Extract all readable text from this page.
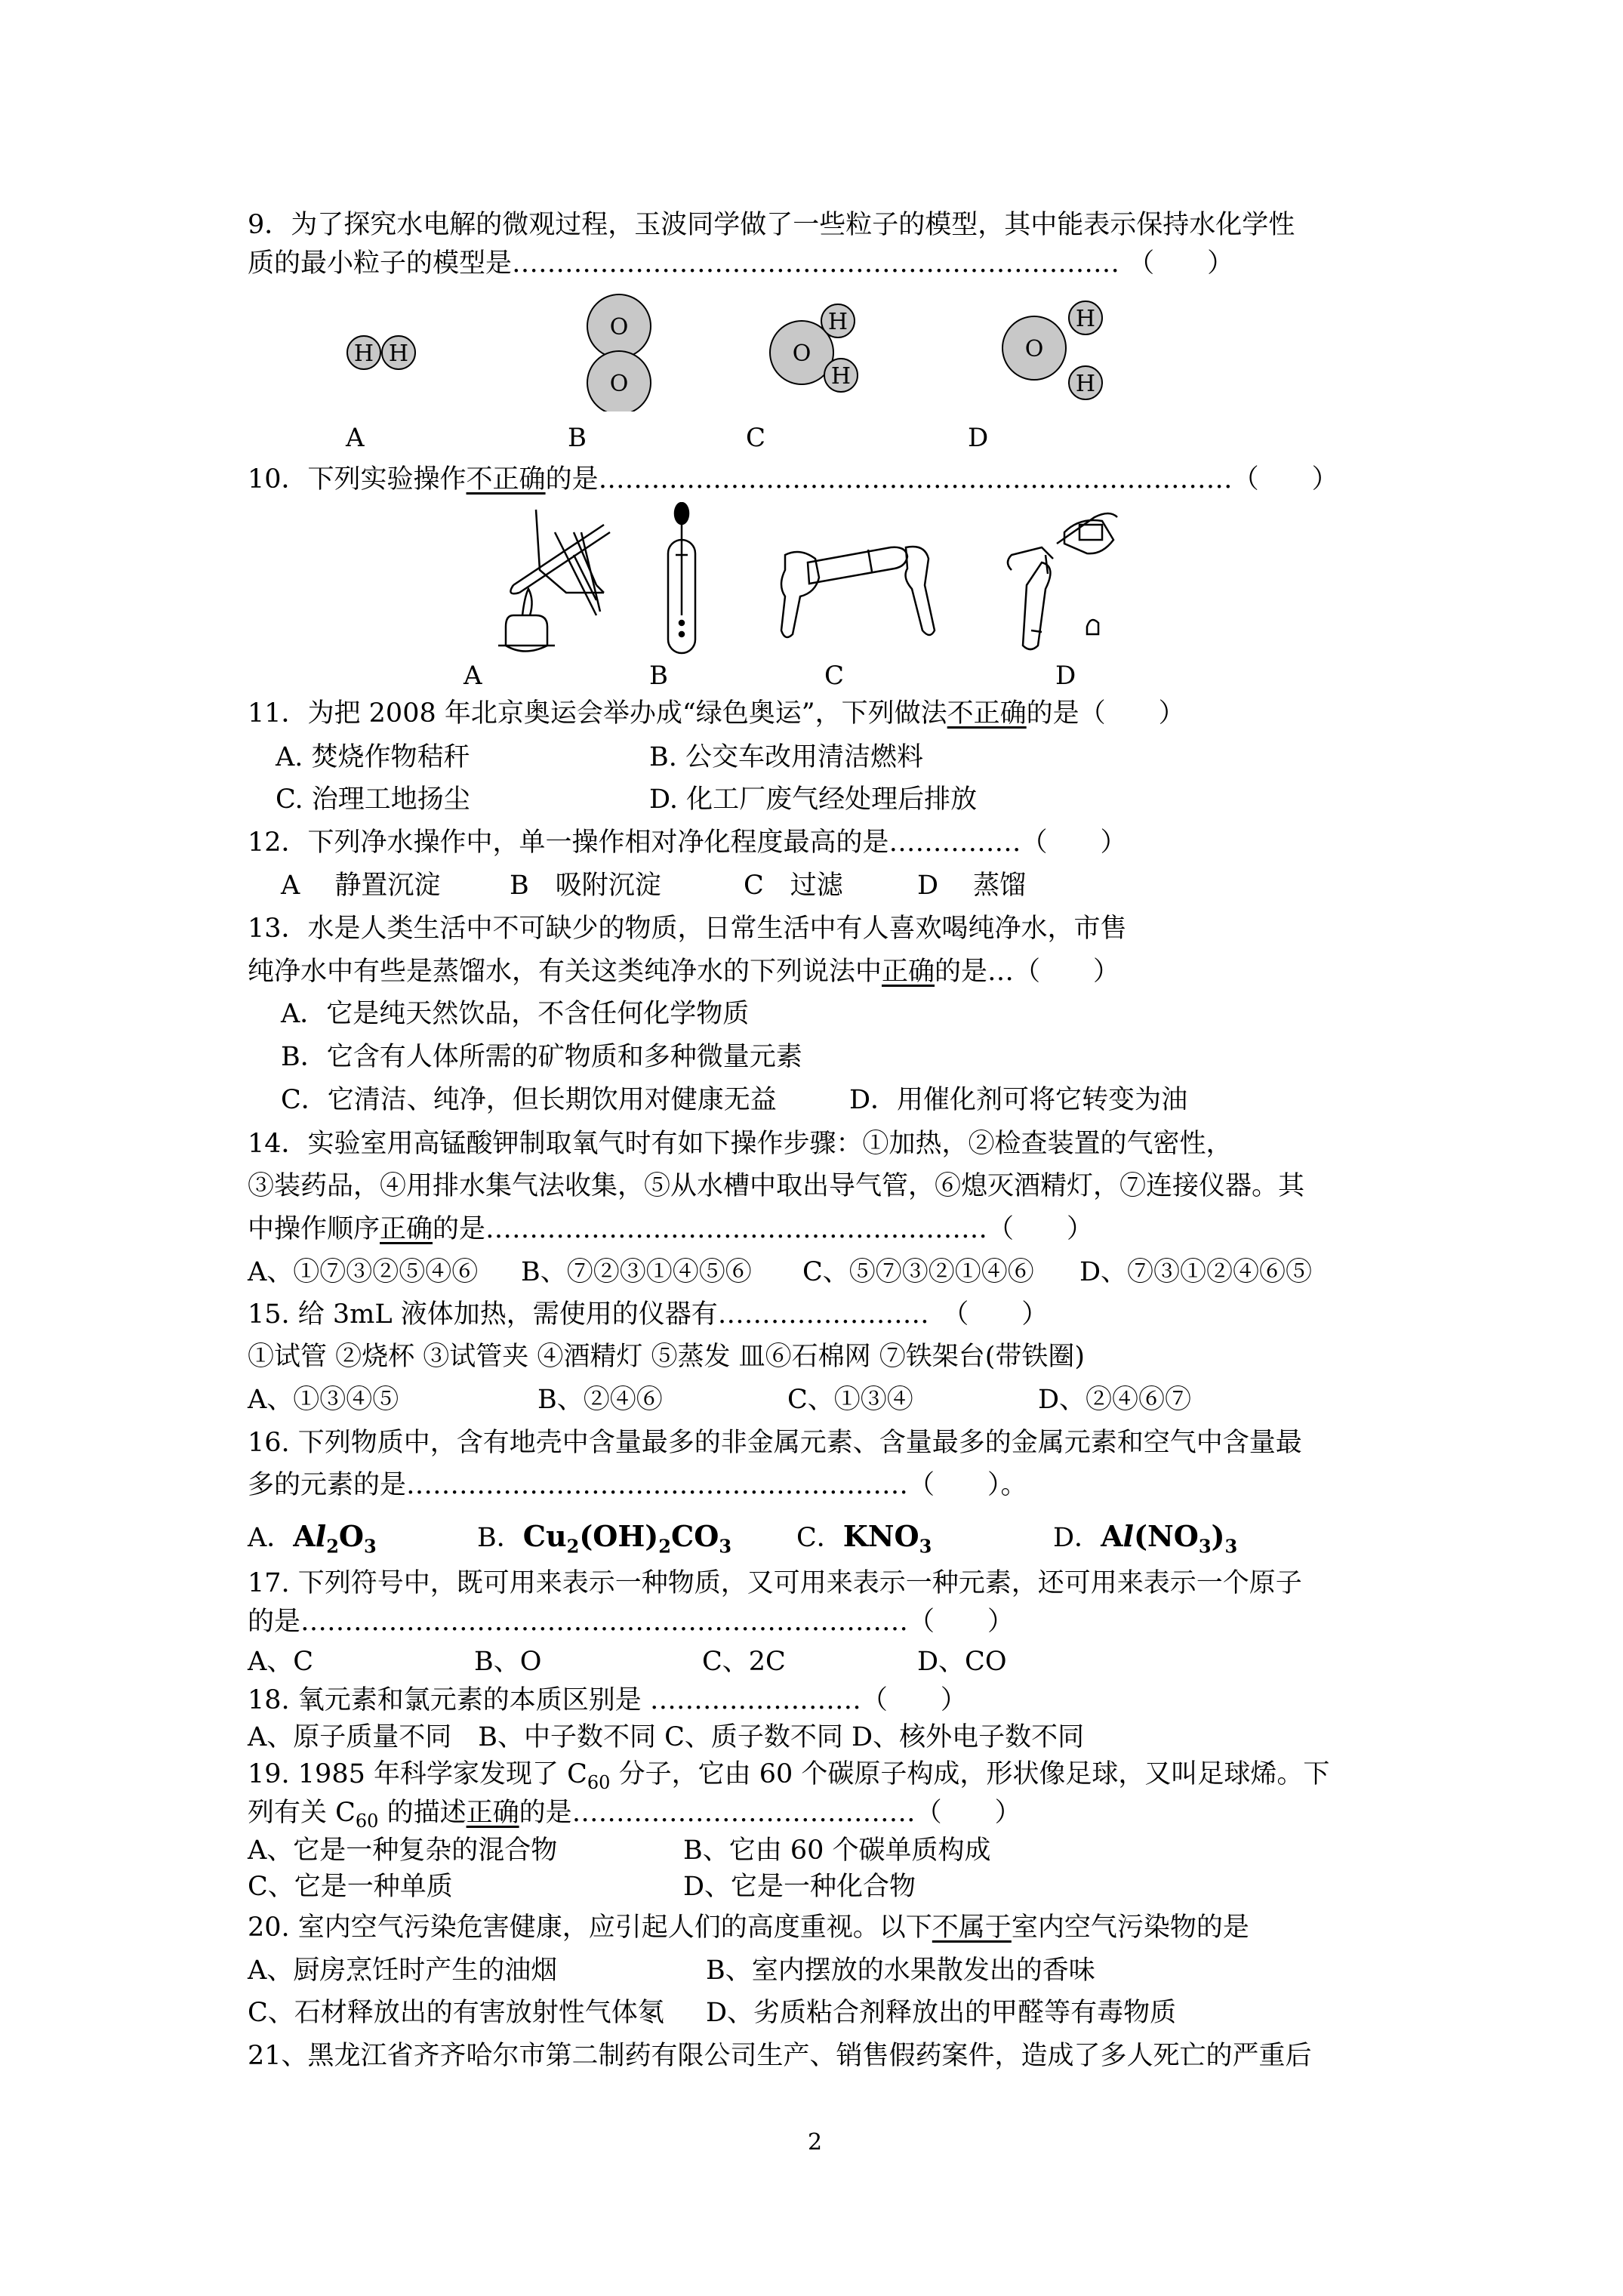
9．为了探究水电解的微观过程，玉波同学做了一些粒子的模型，其中能表示保持水化学性
质的最小粒子的模型是…………………………………………………………… （　　）
H H
O
O
O
H
H
O
H
H
A	B	C	D
10．下列实验操作不正确的是………………………………………………………………（　　）
A	B	C	D
11．为把 2008 年北京奥运会举办成“绿色奥运”，下列做法不正确的是（　　）
A. 焚烧作物秸秆	B. 公交车改用清洁燃料
C. 治理工地扬尘	D. 化工厂废气经处理后排放
12．下列净水操作中，单一操作相对净化程度最高的是……………（　　）
A　 静置沉淀	B　吸附沉淀	C　过滤	D　 蒸馏
13．水是人类生活中不可缺少的物质，日常生活中有人喜欢喝纯净水，市售
纯净水中有些是蒸馏水，有关这类纯净水的下列说法中正确的是…（　　）
A．它是纯天然饮品，不含任何化学物质
B．它含有人体所需的矿物质和多种微量元素
C．它清洁、纯净，但长期饮用对健康无益	D．用催化剂可将它转变为油
14．实验室用高锰酸钾制取氧气时有如下操作步骤：①加热，②检查装置的气密性，
③装药品，④用排水集气法收集，⑤从水槽中取出导气管，⑥熄灭酒精灯，⑦连接仪器。其
中操作顺序正确的是…………………………………………………（　　）
A、①⑦③②⑤④⑥ B、⑦②③①④⑤⑥ C、⑤⑦③②①④⑥ D、⑦③①②④⑥⑤
15. 给 3mL 液体加热，需使用的仪器有……………………　（　　）
①试管 ②烧杯 ③试管夹 ④酒精灯 ⑤蒸发 皿⑥石棉网 ⑦铁架台(带铁圈)
A、①③④⑤	B、②④⑥	C、①③④	D、②④⑥⑦
16. 下列物质中，含有地壳中含量最多的非金属元素、含量最多的金属元素和空气中含量最
多的元素的是…………………………………………………（　　）。
A．$Al_2O_3$	B．$Cu_2(OH)_2CO_3$ C．$KNO_3$	D．$Al(NO_3)_3$
17. 下列符号中，既可用来表示一种物质，又可用来表示一种元素，还可用来表示一个原子
的是……………………………………………………………（　　）
A、C	B、O	C、2C	D、CO
18. 氧元素和氯元素的本质区别是 ……………………（　　）
A、原子质量不同　B、中子数不同 C、质子数不同 D、核外电子数不同
19. 1985 年科学家发现了 $C_{60}$ 分子，它由 60 个碳原子构成，形状像足球，又叫足球烯。下
列有关 $C_{60}$ 的描述正确的是…………………………………（　　）
A、它是一种复杂的混合物	B、它由 60 个碳单质构成
C、它是一种单质	D、它是一种化合物
20. 室内空气污染危害健康，应引起人们的高度重视。以下不属于室内空气污染物的是
A、厨房烹饪时产生的油烟	B、室内摆放的水果散发出的香味
C、石材释放出的有害放射性气体氡 D、劣质粘合剂释放出的甲醛等有毒物质
21、黑龙江省齐齐哈尔市第二制药有限公司生产、销售假药案件，造成了多人死亡的严重后
2
